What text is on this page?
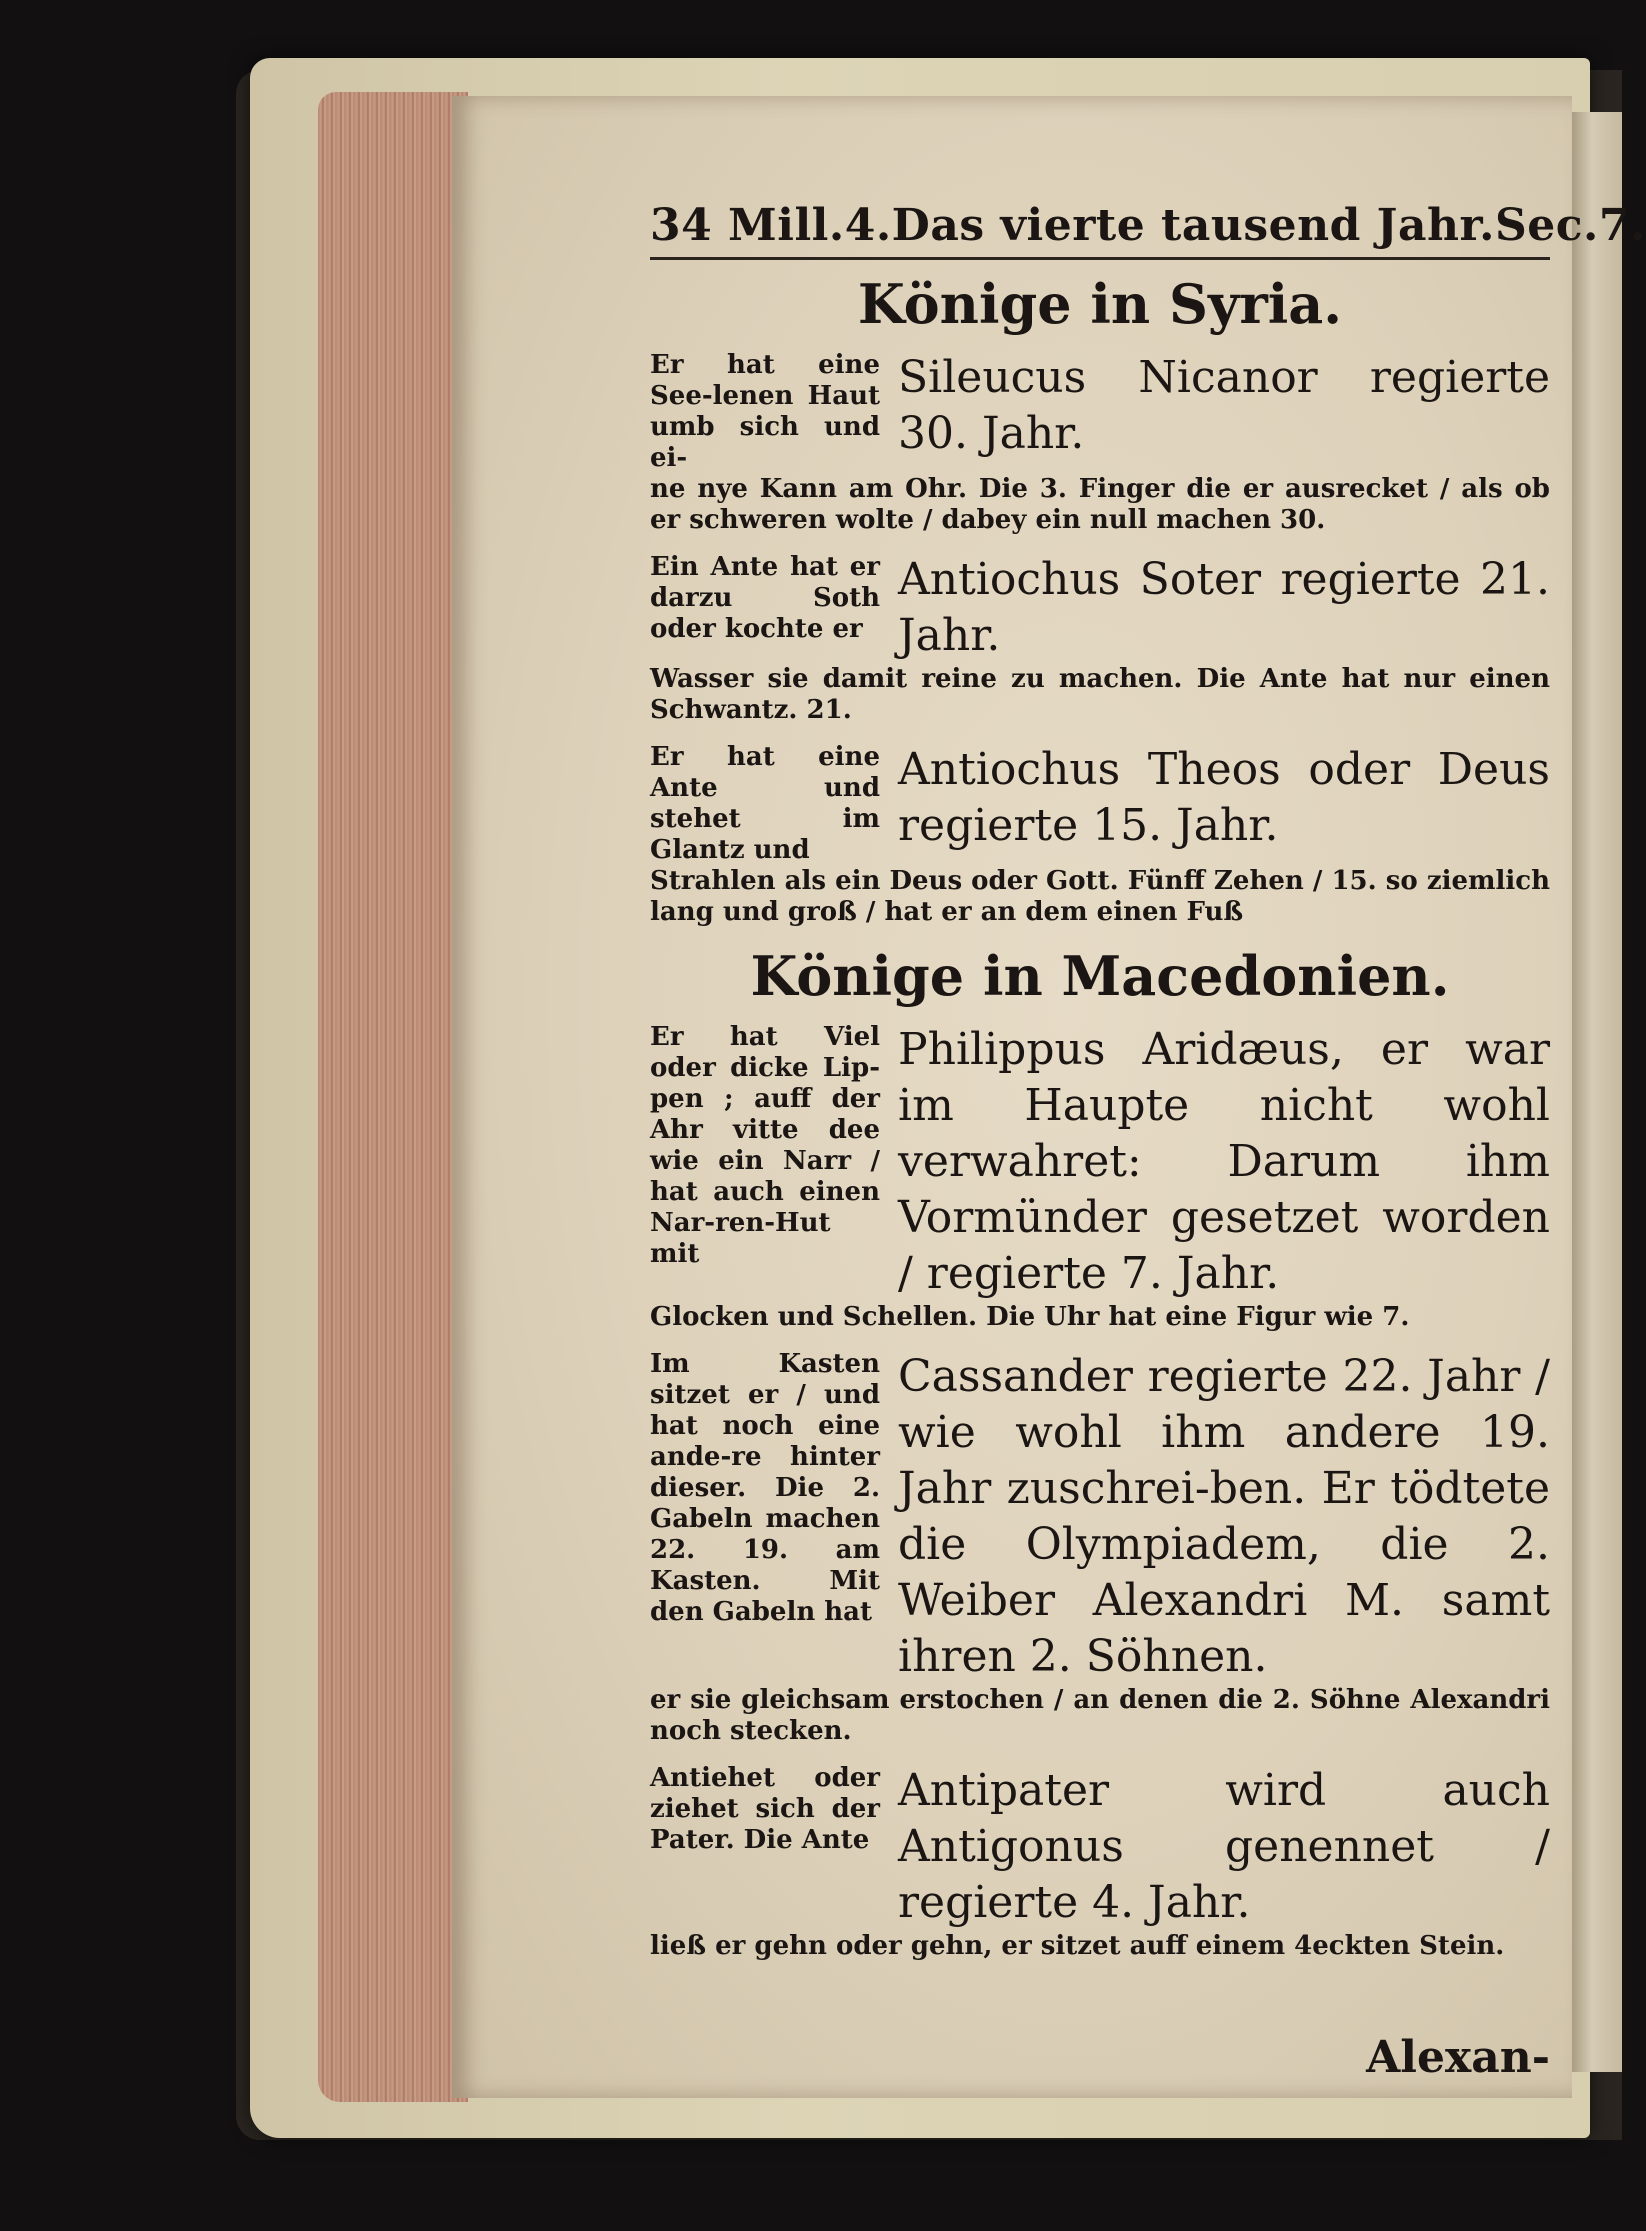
34 Mill.4. Das vierte tausend Jahr. Sec.7.
Könige in Syria.
Er hat eine See-lenen Haut umb sich und ei-
Sileucus Nicanor regierte 30. Jahr.
ne nye Kann am Ohr. Die 3. Finger die er ausrecket / als ob er schweren wolte / dabey ein null machen 30.
Ein Ante hat er darzu Soth oder kochte er
Antiochus Soter regierte 21. Jahr.
Wasser sie damit reine zu machen. Die Ante hat nur einen Schwantz. 21.
Er hat eine Ante und stehet im Glantz und
Antiochus Theos oder Deus regierte 15. Jahr.
Strahlen als ein Deus oder Gott. Fünff Zehen / 15. so ziemlich lang und groß / hat er an dem einen Fuß
Könige in Macedonien.
Er hat Viel oder dicke Lip-pen ; auff der Ahr vitte dee wie ein Narr / hat auch einen Nar-ren-Hut mit
Philippus Aridæus, er war im Haupte nicht wohl verwahret: Darum ihm Vormünder gesetzet worden / regierte 7. Jahr.
Glocken und Schellen. Die Uhr hat eine Figur wie 7.
Im Kasten sitzet er / und hat noch eine ande-re hinter dieser. Die 2. Gabeln machen 22. 19. am Kasten. Mit den Gabeln hat
Cassander regierte 22. Jahr / wie wohl ihm andere 19. Jahr zuschrei-ben. Er tödtete die Olympiadem, die 2. Weiber Alexandri M. samt ihren 2. Söhnen.
er sie gleichsam erstochen / an denen die 2. Söhne Alexandri noch stecken.
Antiehet oder ziehet sich der Pater. Die Ante
Antipater wird auch Antigonus genennet / regierte 4. Jahr.
ließ er gehn oder gehn, er sitzet auff einem 4eckten Stein.
Alexan-
